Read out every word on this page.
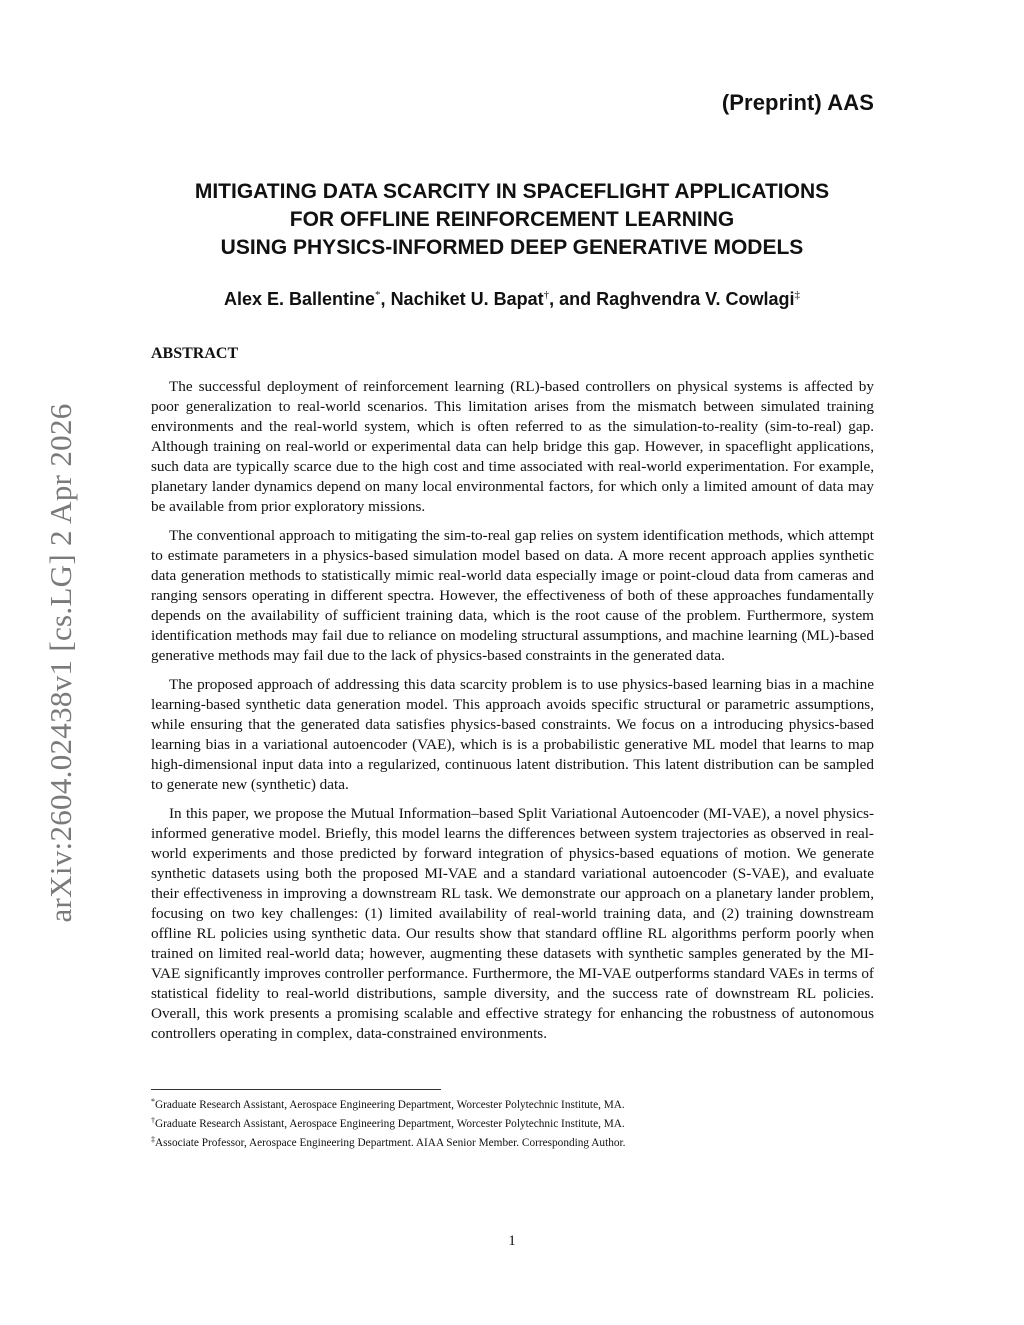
(Preprint) AAS
MITIGATING DATA SCARCITY IN SPACEFLIGHT APPLICATIONS
FOR OFFLINE REINFORCEMENT LEARNING
USING PHYSICS-INFORMED DEEP GENERATIVE MODELS
Alex E. Ballentine*, Nachiket U. Bapat†, and Raghvendra V. Cowlagi‡
ABSTRACT

The successful deployment of reinforcement learning (RL)-based controllers on physical systems is affected by poor generalization to real-world scenarios. This limitation arises from the mismatch between simulated training environments and the real-world system, which is often referred to as the simulation-to-reality (sim-to-real) gap. Although training on real-world or experimental data can help bridge this gap. However, in spaceflight applications, such data are typically scarce due to the high cost and time associated with real-world experimentation. For example, planetary lander dynamics depend on many local environmental factors, for which only a limited amount of data may be available from prior exploratory missions.

The conventional approach to mitigating the sim-to-real gap relies on system identification methods, which attempt to estimate parameters in a physics-based simulation model based on data. A more recent approach applies synthetic data generation methods to statistically mimic real-world data especially image or point-cloud data from cameras and ranging sensors operating in different spectra. However, the effectiveness of both of these approaches fundamentally depends on the availability of sufficient training data, which is the root cause of the problem. Furthermore, system identification methods may fail due to reliance on modeling structural assumptions, and machine learning (ML)-based generative methods may fail due to the lack of physics-based constraints in the generated data.

The proposed approach of addressing this data scarcity problem is to use physics-based learning bias in a machine learning-based synthetic data generation model. This approach avoids specific structural or parametric assumptions, while ensuring that the generated data satisfies physics-based constraints. We focus on a introducing physics-based learning bias in a variational autoencoder (VAE), which is is a probabilistic generative ML model that learns to map high-dimensional input data into a regularized, continuous latent distribution. This latent distribution can be sampled to generate new (synthetic) data.

In this paper, we propose the Mutual Information–based Split Variational Autoencoder (MI-VAE), a novel physics-informed generative model. Briefly, this model learns the differences between system trajectories as observed in real-world experiments and those predicted by forward integration of physics-based equations of motion. We generate synthetic datasets using both the proposed MI-VAE and a standard variational autoencoder (S-VAE), and evaluate their effectiveness in improving a downstream RL task. We demonstrate our approach on a planetary lander problem, focusing on two key challenges: (1) limited availability of real-world training data, and (2) training downstream offline RL policies using synthetic data. Our results show that standard offline RL algorithms perform poorly when trained on limited real-world data; however, augmenting these datasets with synthetic samples generated by the MI-VAE significantly improves controller performance. Furthermore, the MI-VAE outperforms standard VAEs in terms of statistical fidelity to real-world distributions, sample diversity, and the success rate of downstream RL policies. Overall, this work presents a promising scalable and effective strategy for enhancing the robustness of autonomous controllers operating in complex, data-constrained environments.

*Graduate Research Assistant, Aerospace Engineering Department, Worcester Polytechnic Institute, MA.
†Graduate Research Assistant, Aerospace Engineering Department, Worcester Polytechnic Institute, MA.
‡Associate Professor, Aerospace Engineering Department. AIAA Senior Member. Corresponding Author.
arXiv:2604.02438v1 [cs.LG] 2 Apr 2026
1
